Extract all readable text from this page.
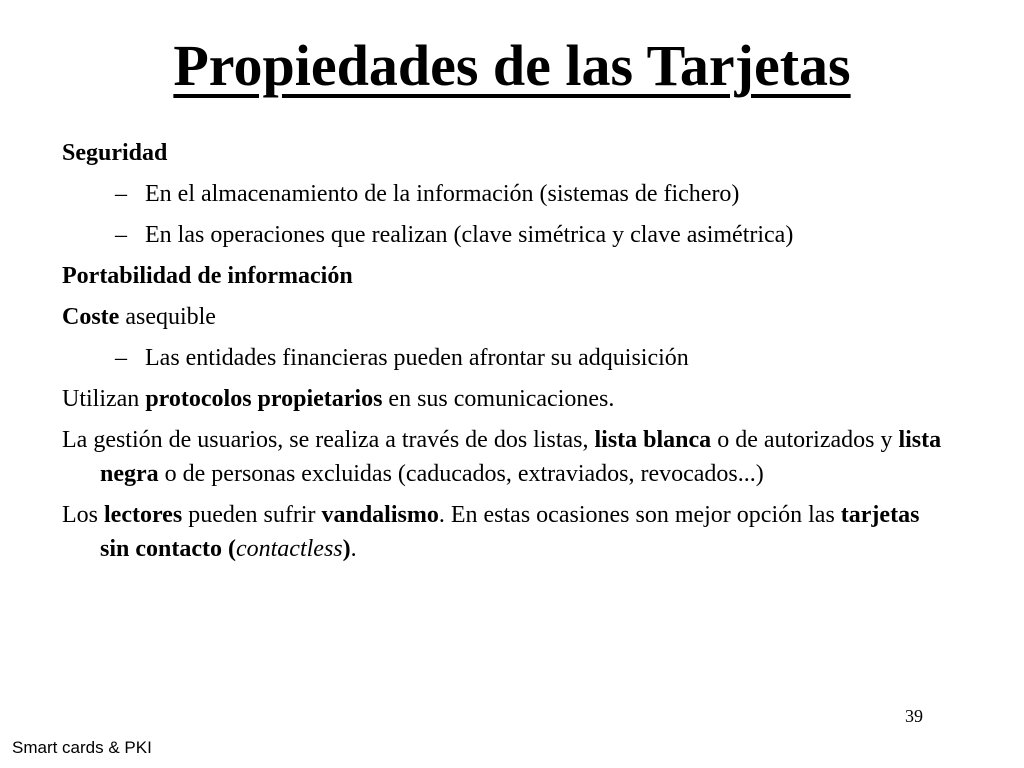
Propiedades de las Tarjetas
Seguridad
– En el almacenamiento de la información (sistemas de fichero)
– En las operaciones que realizan (clave simétrica y clave asimétrica)
Portabilidad de información
Coste asequible
– Las entidades financieras pueden afrontar su adquisición
Utilizan protocolos propietarios en sus comunicaciones.
La gestión de usuarios, se realiza a través de dos listas, lista blanca o de autorizados y lista negra o de personas excluidas (caducados, extraviados, revocados...)
Los lectores pueden sufrir vandalismo. En estas ocasiones son mejor opción las tarjetas sin contacto (contactless).
39
Smart cards & PKI
